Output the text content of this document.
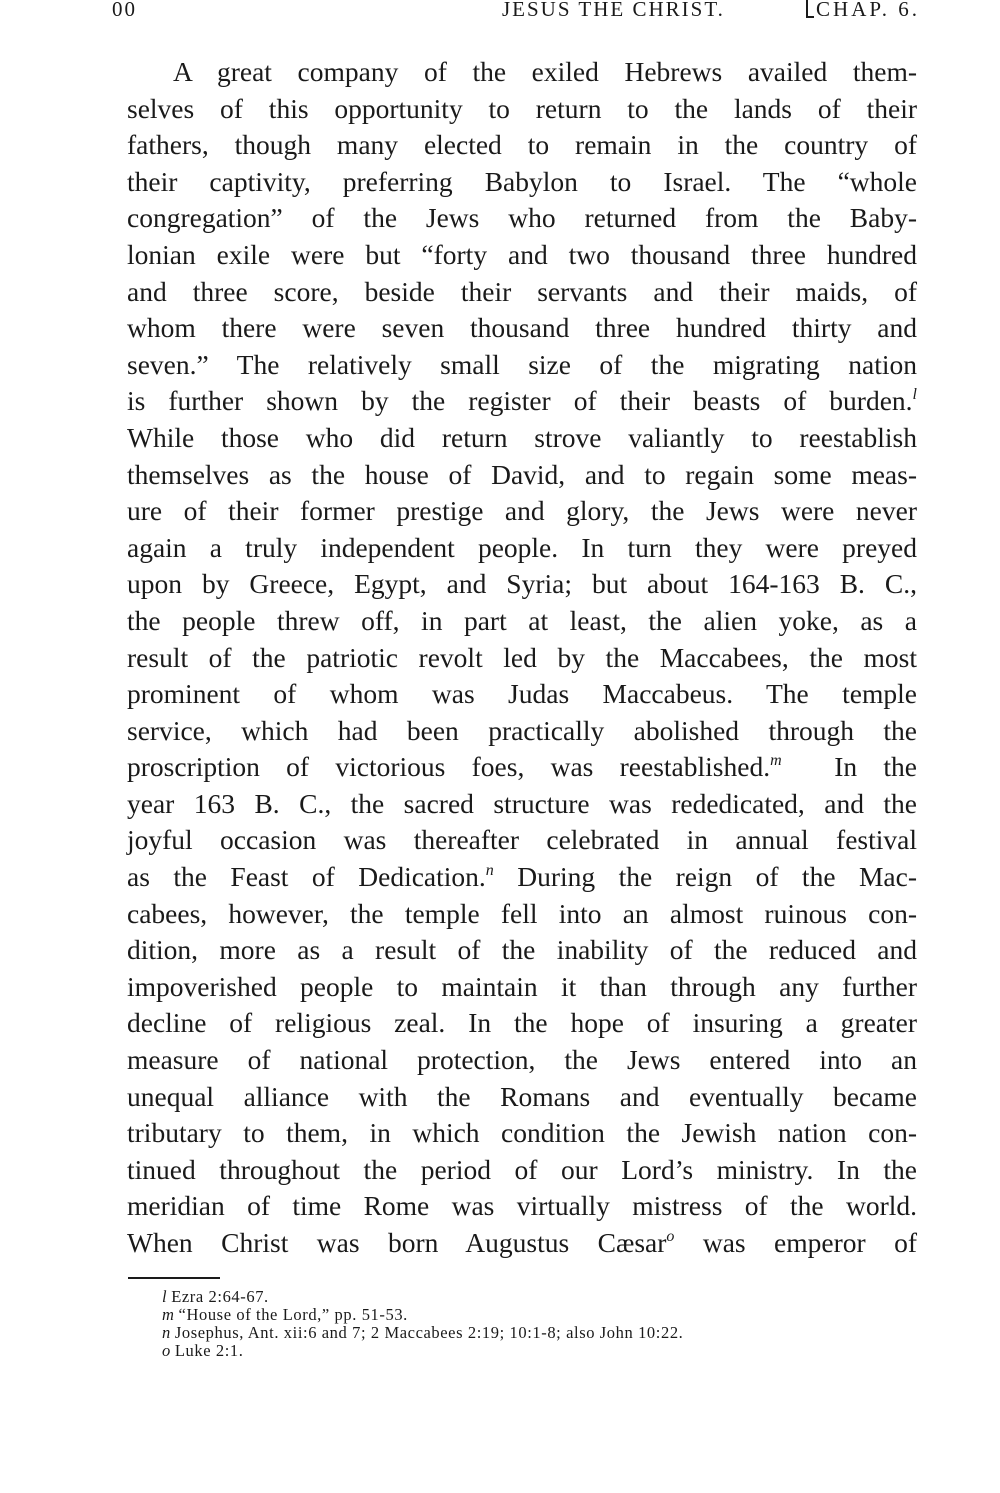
00	JESUS THE CHRIST.	CHAP. 6.
A great company of the exiled Hebrews availed them-
selves of this opportunity to return to the lands of their
fathers, though many elected to remain in the country of
their captivity, preferring Babylon to Israel. The “whole
congregation” of the Jews who returned from the Baby-
lonian exile were but “forty and two thousand three hundred
and three score, beside their servants and their maids, of
whom there were seven thousand three hundred thirty and
seven.” The relatively small size of the migrating nation
is further shown by the register of their beasts of burden.$^l$
While those who did return strove valiantly to reestablish
themselves as the house of David, and to regain some meas-
ure of their former prestige and glory, the Jews were never
again a truly independent people. In turn they were preyed
upon by Greece, Egypt, and Syria; but about 164-163 B. C.,
the people threw off, in part at least, the alien yoke, as a
result of the patriotic revolt led by the Maccabees, the most
prominent of whom was Judas Maccabeus. The temple
service, which had been practically abolished through the
proscription of victorious foes, was reestablished.$^m$ In the
year 163 B. C., the sacred structure was rededicated, and the
joyful occasion was thereafter celebrated in annual festival
as the Feast of Dedication.$^n$ During the reign of the Mac-
cabees, however, the temple fell into an almost ruinous con-
dition, more as a result of the inability of the reduced and
impoverished people to maintain it than through any further
decline of religious zeal. In the hope of insuring a greater
measure of national protection, the Jews entered into an
unequal alliance with the Romans and eventually became
tributary to them, in which condition the Jewish nation con-
tinued throughout the period of our Lord’s ministry. In the
meridian of time Rome was virtually mistress of the world.
When Christ was born Augustus Cæsar$^o$ was emperor of
l Ezra 2:64-67.
m “House of the Lord,” pp. 51-53.
n Josephus, Ant. xii:6 and 7; 2 Maccabees 2:19; 10:1-8; also John 10:22.
o Luke 2:1.
